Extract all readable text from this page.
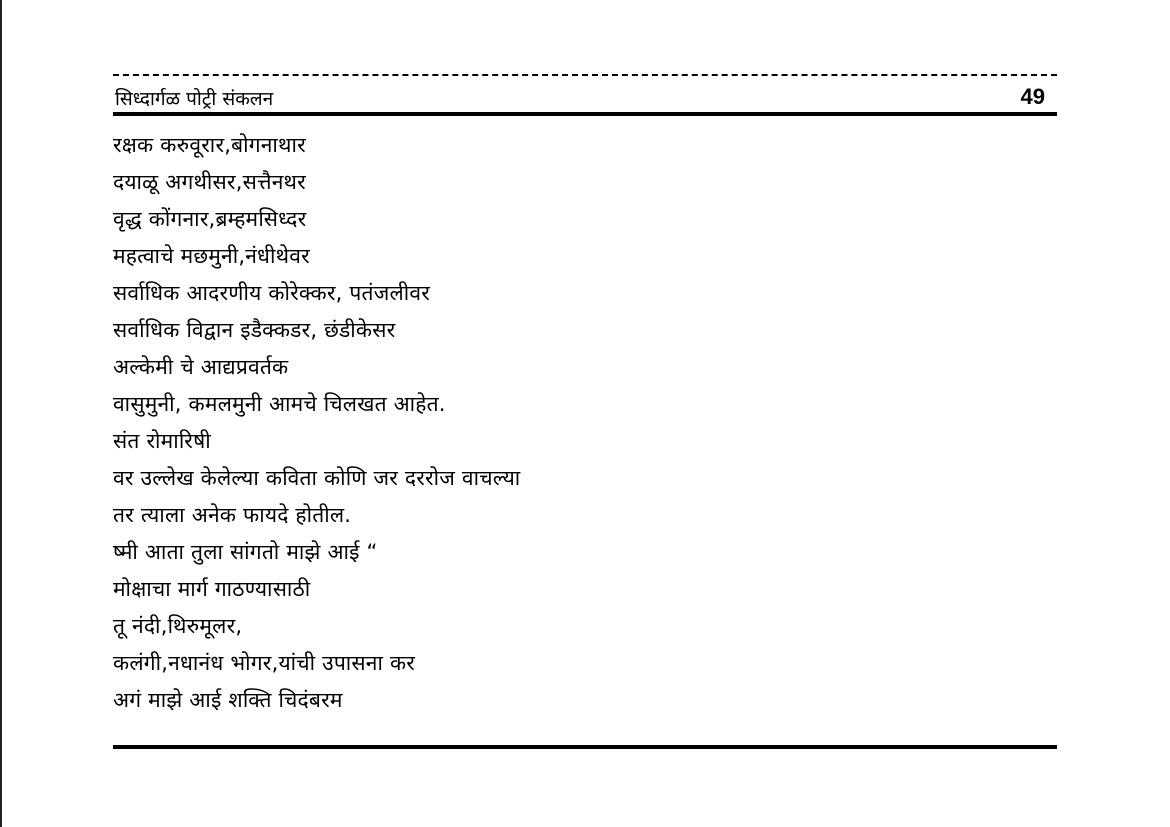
सिध्दार्गळ पोट्री संकलन	49
रक्षक करुवूरार,बोगनाथार
दयाळू अगथीसर,सत्तैनथर
वृद्ध कोंगनार,ब्रम्हमसिध्दर
महत्वाचे मछमुनी,नंधीथेवर
सर्वाधिक आदरणीय कोरेक्कर, पतंजलीवर
सर्वाधिक विद्वान इडैक्कडर, छंडीकेसर
अल्केमी चे आद्यप्रवर्तक
वासुमुनी, कमलमुनी आमचे चिलखत आहेत.
संत रोमारिषी
वर उल्लेख केलेल्या कविता कोणि जर दररोज वाचल्या
तर त्याला अनेक फायदे होतील.
ष्मी आता तुला सांगतो माझे आई “
मोक्षाचा मार्ग गाठण्यासाठी
तू नंदी,थिरुमूलर,
कलंगी,नधानंध भोगर,यांची उपासना कर
अगं माझे आई शक्ति चिदंबरम
